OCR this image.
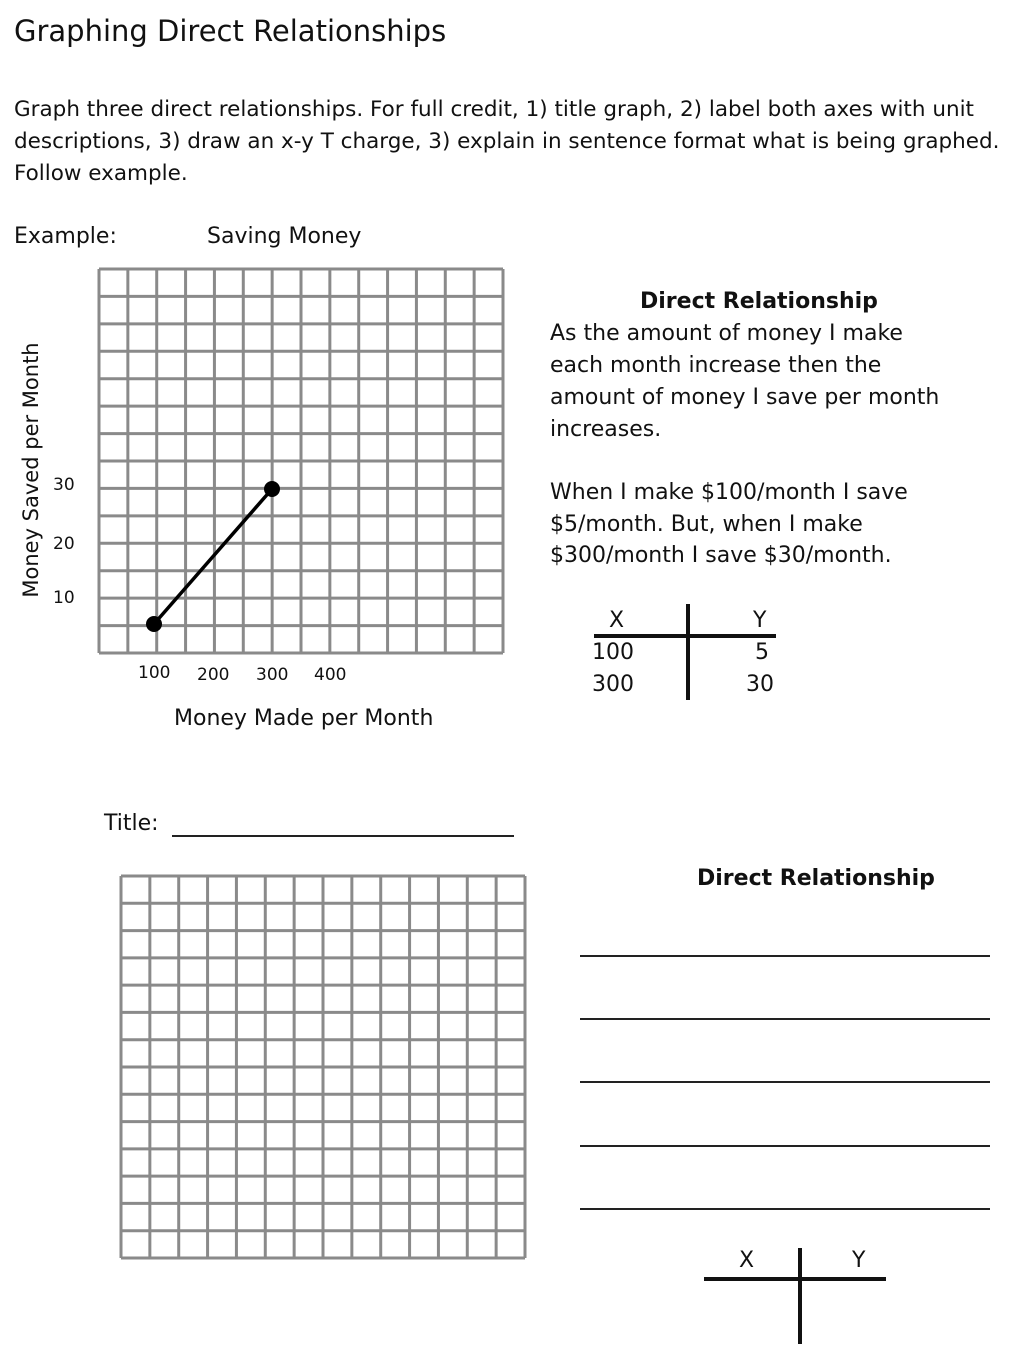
Graphing Direct Relationships
Graph three direct relationships. For full credit, 1) title graph, 2) label both axes with unit
descriptions, 3) draw an x-y T charge, 3) explain in sentence format what is being graphed.
Follow example.
Example:	Saving Money
Money Saved per Month 30
20
10
100 200 300 400
Money Made per Month
Direct Relationship
As the amount of money I make
each month increase then the
amount of money I save per month
increases.
When I make $100/month I save
$5/month. But, when I make
$300/month I save $30/month.
X	Y
100	5
300	30
Title:
Direct Relationship
X	Y
